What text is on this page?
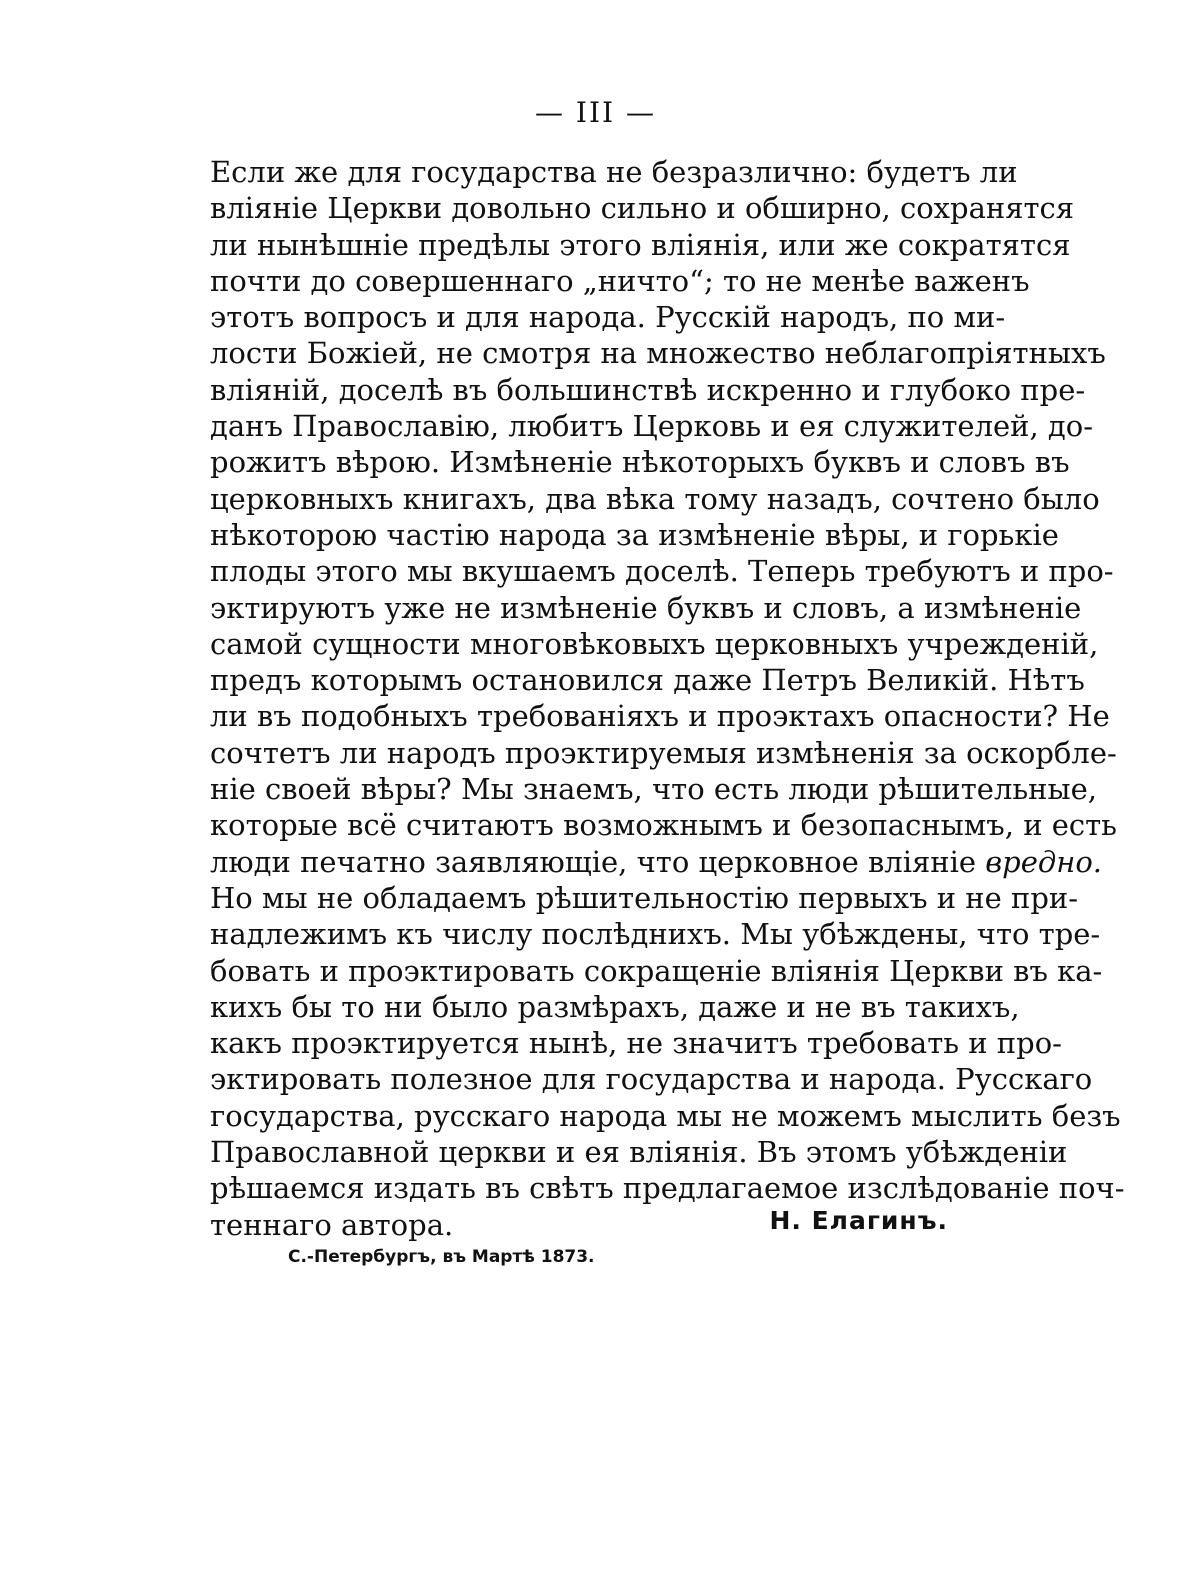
— III —
Если же для государства не безразлично: будетъ ли
вліяніе Церкви довольно сильно и обширно, сохранятся
ли нынѣшніе предѣлы этого вліянія, или же сократятся
почти до совершеннаго „ничто“; то не менѣе важенъ
этотъ вопросъ и для народа. Русскій народъ, по ми-
лости Божіей, не смотря на множество неблагопріятныхъ
вліяній, доселѣ въ большинствѣ искренно и глубоко пре-
данъ Православію, любитъ Церковь и ея служителей, до-
рожитъ вѣрою. Измѣненіе нѣкоторыхъ буквъ и словъ въ
церковныхъ книгахъ, два вѣка тому назадъ, сочтено было
нѣкоторою частію народа за измѣненіе вѣры, и горькіе
плоды этого мы вкушаемъ доселѣ. Теперь требуютъ и про-
эктируютъ уже не измѣненіе буквъ и словъ, а измѣненіе
самой сущности многовѣковыхъ церковныхъ учрежденій,
предъ которымъ остановился даже Петръ Великій. Нѣтъ
ли въ подобныхъ требованіяхъ и проэктахъ опасности? Не
сочтетъ ли народъ проэктируемыя измѣненія за оскорбле-
ніе своей вѣры? Мы знаемъ, что есть люди рѣшительные,
которые всё считаютъ возможнымъ и безопаснымъ, и есть
люди печатно заявляющіе, что церковное вліяніе вредно.
Но мы не обладаемъ рѣшительностію первыхъ и не при-
надлежимъ къ числу послѣднихъ. Мы убѣждены, что тре-
бовать и проэктировать сокращеніе вліянія Церкви въ ка-
кихъ бы то ни было размѣрахъ, даже и не въ такихъ,
какъ проэктируется нынѣ, не значитъ требовать и про-
эктировать полезное для государства и народа. Русскаго
государства, русскаго народа мы не можемъ мыслить безъ
Православной церкви и ея вліянія. Въ этомъ убѣжденіи
рѣшаемся издать въ свѣтъ предлагаемое изслѣдованіе поч-
теннаго автора.	Н. Елагинъ.
С.-Петербургъ, въ Мартѣ 1873.
